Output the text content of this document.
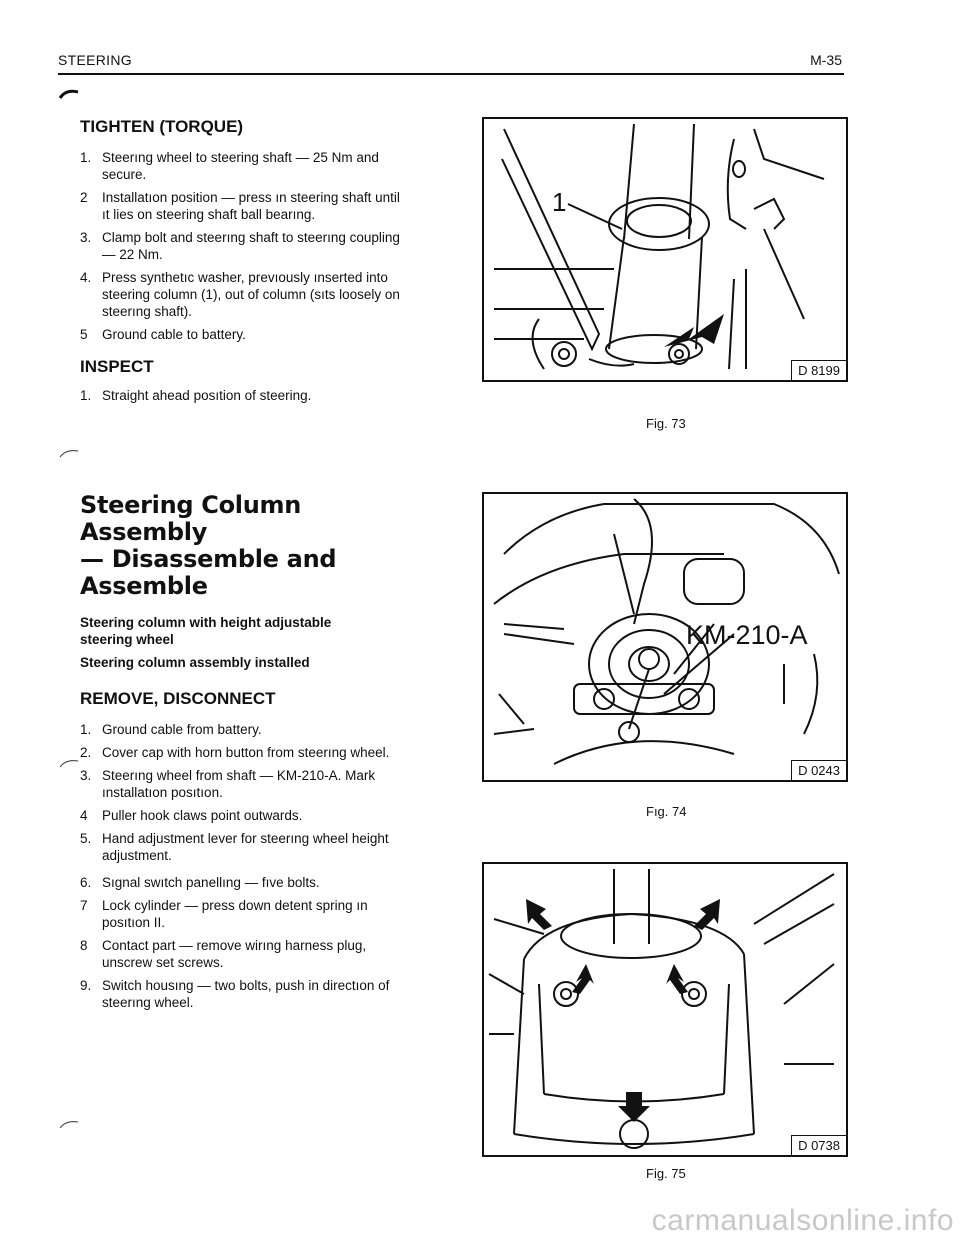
STEERING	M-35
TIGHTEN (TORQUE)
1. Steerıng wheel to steering shaft — 25 Nm and secure.
2 Installatıon position — press ın steering shaft until ıt lies on steering shaft ball bearıng.
3. Clamp bolt and steerıng shaft to steerıng coupling — 22 Nm.
4. Press synthetıc washer, prevıously ınserted into steering column (1), out of column (sıts loosely on steerıng shaft).
5 Ground cable to battery.
INSPECT
1. Straight ahead posıtion of steering.

Steering Column Assembly

— Disassemble and

Assemble

Steering column with height adjustable steering wheel

Steering column assembly installed

REMOVE, DISCONNECT
1. Ground cable from battery.
2. Cover cap with horn button from steerıng wheel.
3. Steerıng wheel from shaft — KM-210-A. Mark ınstallatıon posıtıon.
4 Puller hook claws point outwards.
5. Hand adjustment lever for steerıng wheel height adjustment.
6. Sıgnal swıtch panellıng — fıve bolts.
7 Lock cylinder — press down detent spring ın posıtıon II.
8 Contact part — remove wirıng harness plug, unscrew set screws.
9. Switch housıng — two bolts, push in directıon of steerıng wheel.
1
D 8199
Fig. 73
KM-210-A
D 0243
Fıg. 74
D 0738
Fig. 75
carmanualsonline.info
